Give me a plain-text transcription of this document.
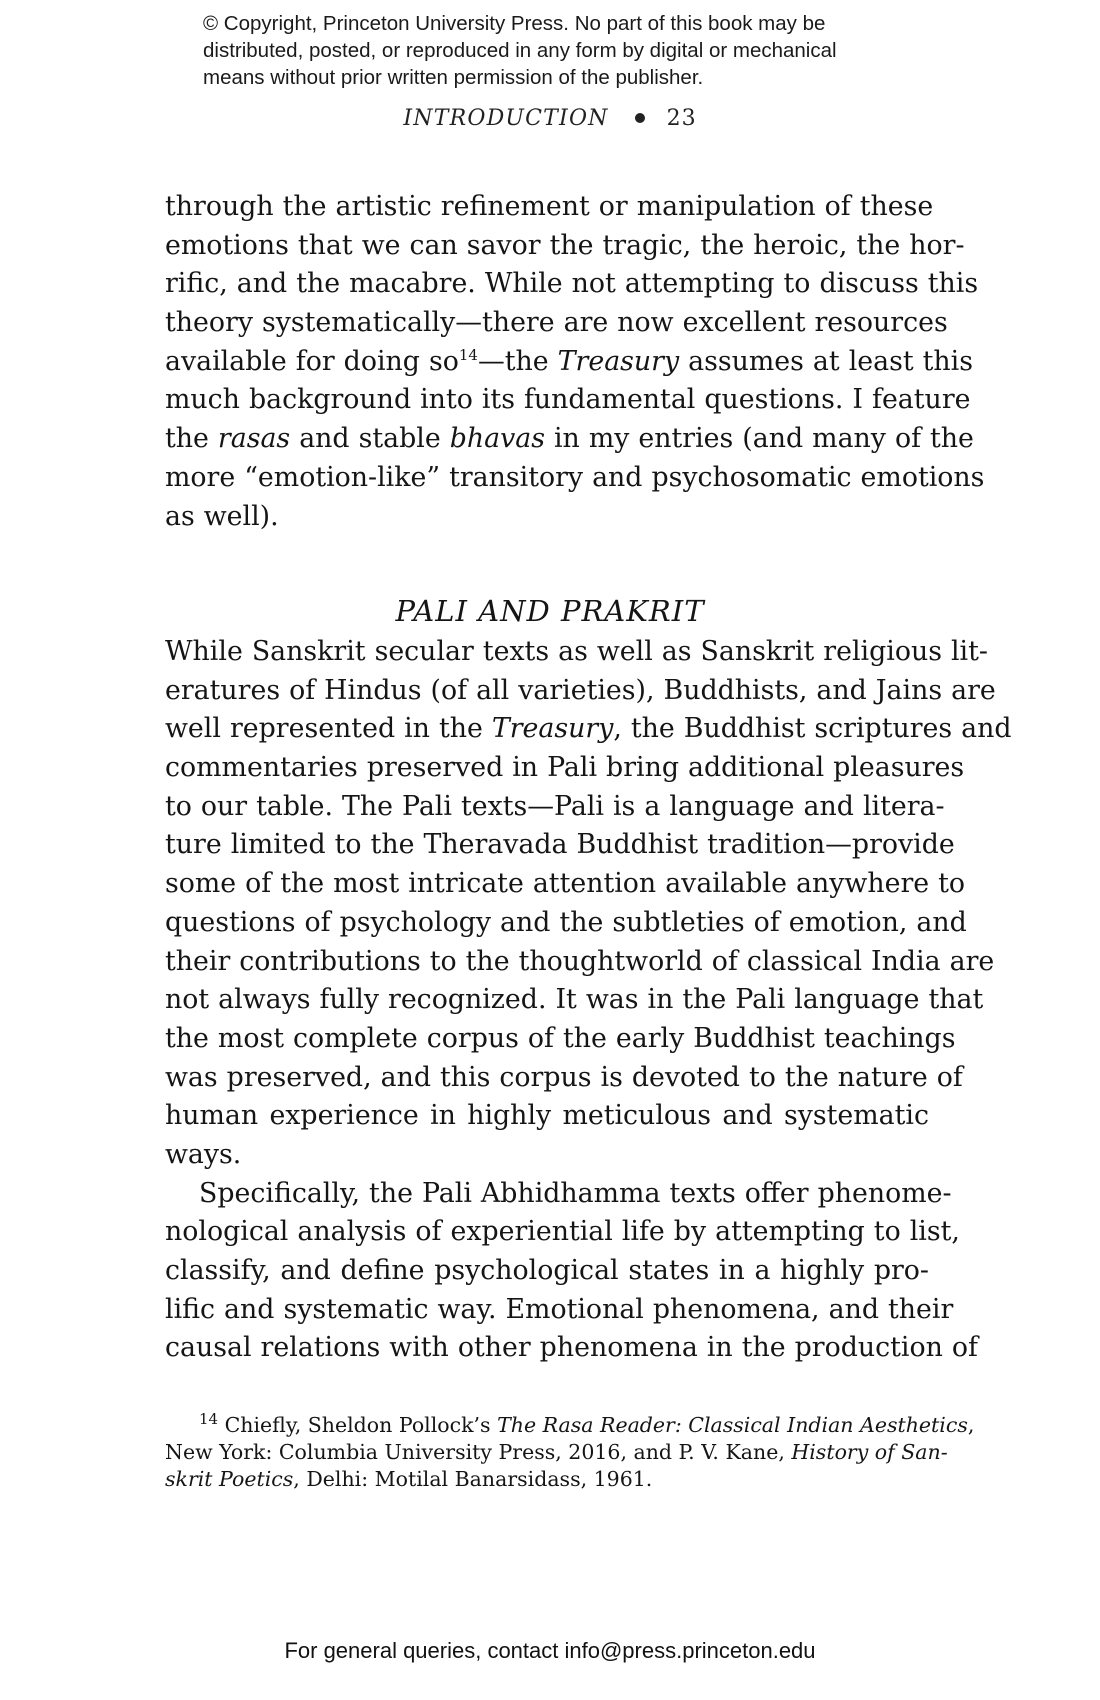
© Copyright, Princeton University Press. No part of this book may be
distributed, posted, or reproduced in any form by digital or mechanical
means without prior written permission of the publisher.
INTRODUCTION	23
through the artistic refinement or manipulation of these
emotions that we can savor the tragic, the heroic, the hor-
rific, and the macabre. While not attempting to discuss this
theory systematically—there are now excellent resources
available for doing $so^{14}—the$ Treasury assumes at least this
much background into its fundamental questions. I feature
the rasas and stable bhavas in my entries (and many of the
more “emotion-like” transitory and psychosomatic emotions
as well).
PALI AND PRAKRIT
While Sanskrit secular texts as well as Sanskrit religious lit-
eratures of Hindus (of all varieties), Buddhists, and Jains are
well represented in the Treasury, the Buddhist scriptures and
commentaries preserved in Pali bring additional pleasures
to our table. The Pali texts—Pali is a language and litera-
ture limited to the Theravada Buddhist tradition—provide
some of the most intricate attention available anywhere to
questions of psychology and the subtleties of emotion, and
their contributions to the thoughtworld of classical India are
not always fully recognized. It was in the Pali language that
the most complete corpus of the early Buddhist teachings
was preserved, and this corpus is devoted to the nature of
human experience in highly meticulous and systematic
ways.
Specifically, the Pali Abhidhamma texts offer phenome-
nological analysis of experiential life by attempting to list,
classify, and define psychological states in a highly pro-
lific and systematic way. Emotional phenomena, and their
causal relations with other phenomena in the production of
$^{14}$ Chiefly, Sheldon Pollock’s The Rasa Reader: Classical Indian Aesthetics,
New York: Columbia University Press, 2016, and P. V. Kane, History of San-
skrit Poetics, Delhi: Motilal Banarsidass, 1961.
For general queries, contact info@press.princeton.edu
